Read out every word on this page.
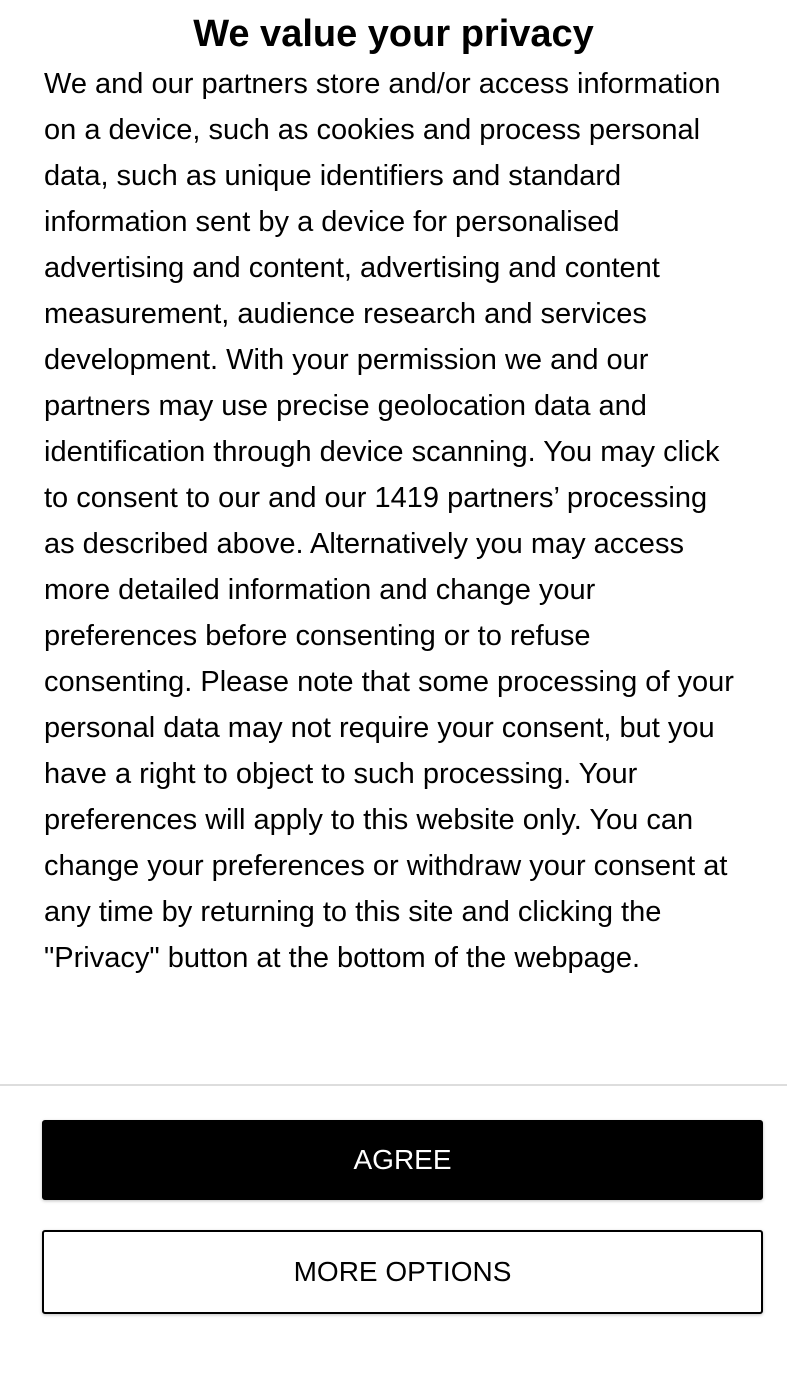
We value your privacy

We and our partners store and/or access information on a device, such as cookies and process personal data, such as unique identifiers and standard information sent by a device for personalised advertising and content, advertising and content measurement, audience research and services development. With your permission we and our partners may use precise geolocation data and identification through device scanning. You may click to consent to our and our 1419 partners’ processing as described above. Alternatively you may access more detailed information and change your preferences before consenting or to refuse consenting. Please note that some processing of your personal data may not require your consent, but you have a right to object to such processing. Your preferences will apply to this website only. You can change your preferences or withdraw your consent at any time by returning to this site and clicking the "Privacy" button at the bottom of the webpage.

AGREE
MORE OPTIONS
